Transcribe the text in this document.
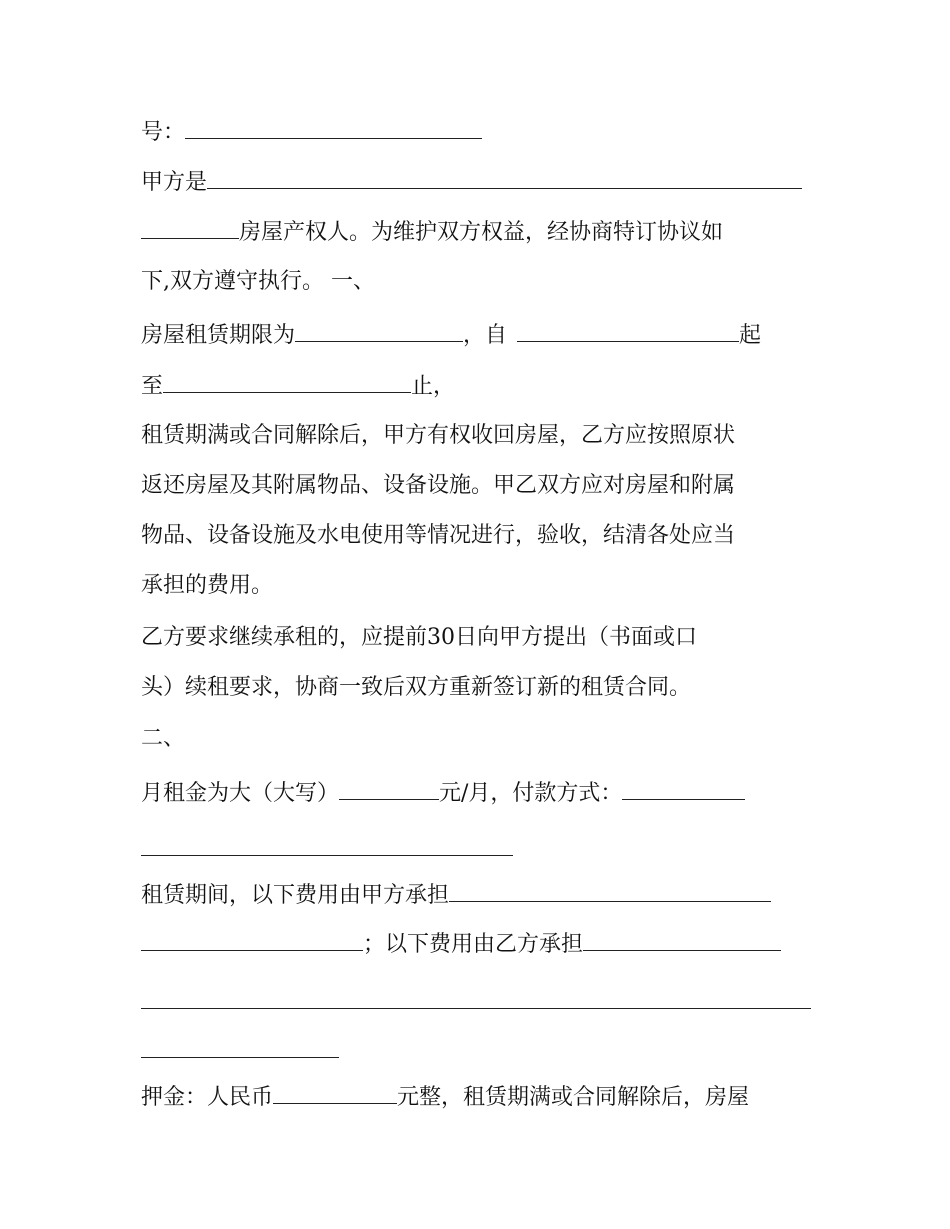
号：
甲方是
房屋产权人。为维护双方权益，经协商特订协议如
下,双方遵守执行。 一、
房屋租赁期限为	，自	起
至	止，
租赁期满或合同解除后，甲方有权收回房屋，乙方应按照原状
返还房屋及其附属物品、设备设施。甲乙双方应对房屋和附属
物品、设备设施及水电使用等情况进行，验收，结清各处应当
承担的费用。
乙方要求继续承租的，应提前30日向甲方提出（书面或口
头）续租要求，协商一致后双方重新签订新的租赁合同。
二、
月租金为大（大写）	元/月，付款方式：
租赁期间，以下费用由甲方承担
；以下费用由乙方承担
押金：人民币	元整，租赁期满或合同解除后，房屋
